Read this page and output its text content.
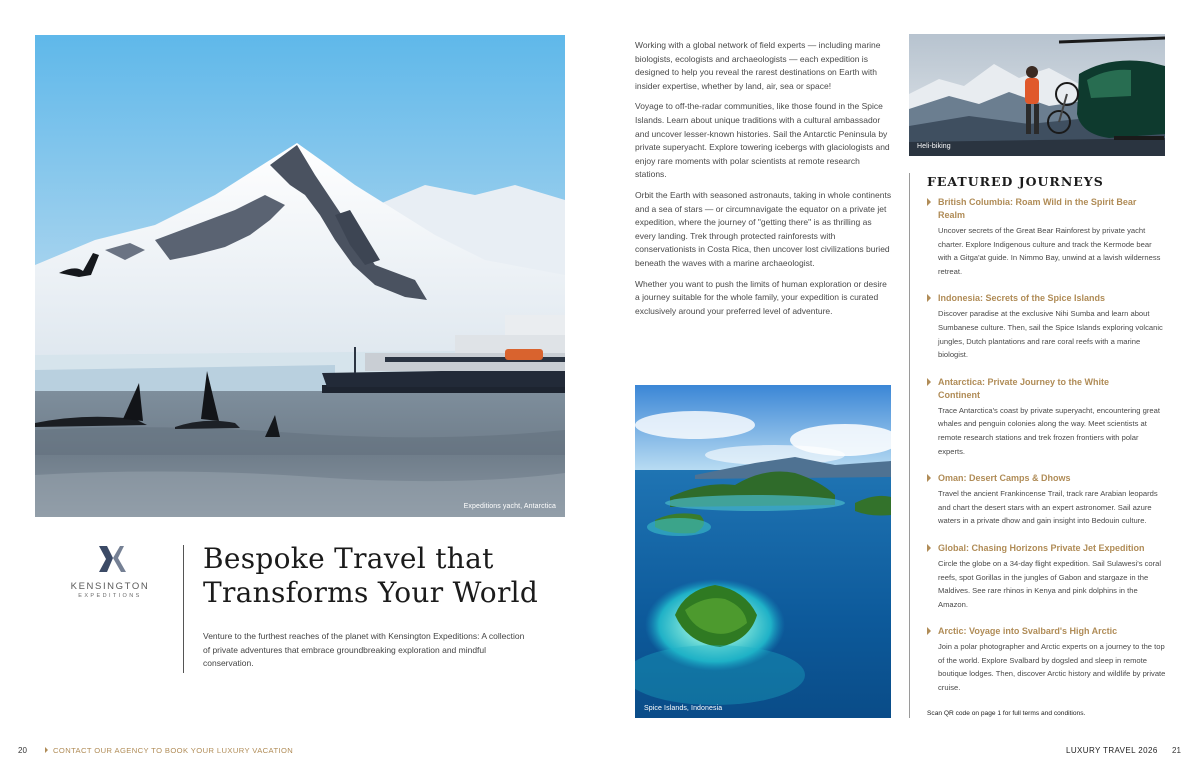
Expeditions yacht, Antarctica
KENSINGTON
EXPEDITIONS
Bespoke Travel that
Transforms Your World
Venture to the furthest reaches of the planet with Kensington Expeditions: A collection of private adventures that embrace groundbreaking exploration and mindful conservation.

Working with a global network of field experts — including marine biologists, ecologists and archaeologists — each expedition is designed to help you reveal the rarest destinations on Earth with insider expertise, whether by land, air, sea or space!

Voyage to off-the-radar communities, like those found in the Spice Islands. Learn about unique traditions with a cultural ambassador and uncover lesser-known histories. Sail the Antarctic Peninsula by private superyacht. Explore towering icebergs with glaciologists and enjoy rare moments with polar scientists at remote research stations.

Orbit the Earth with seasoned astronauts, taking in whole continents and a sea of stars — or circumnavigate the equator on a private jet expedition, where the journey of "getting there" is as thrilling as every landing. Trek through protected rainforests with conservationists in Costa Rica, then uncover lost civilizations buried beneath the waves with a marine archaeologist.

Whether you want to push the limits of human exploration or desire a journey suitable for the whole family, your expedition is curated exclusively around your preferred level of adventure.

Spice Islands, Indonesia
Heli-biking
FEATURED JOURNEYS
British Columbia: Roam Wild in the Spirit Bear Realm
Uncover secrets of the Great Bear Rainforest by private yacht charter. Explore Indigenous culture and track the Kermode bear with a Gitga'at guide. In Nimmo Bay, unwind at a lavish wilderness retreat.
Indonesia: Secrets of the Spice Islands
Discover paradise at the exclusive Nihi Sumba and learn about Sumbanese culture. Then, sail the Spice Islands exploring volcanic jungles, Dutch plantations and rare coral reefs with a marine biologist.
Antarctica: Private Journey to the White Continent
Trace Antarctica's coast by private superyacht, encountering great whales and penguin colonies along the way. Meet scientists at remote research stations and trek frozen frontiers with polar experts.
Oman: Desert Camps & Dhows
Travel the ancient Frankincense Trail, track rare Arabian leopards and chart the desert stars with an expert astronomer. Sail azure waters in a private dhow and gain insight into Bedouin culture.
Global: Chasing Horizons Private Jet Expedition
Circle the globe on a 34-day flight expedition. Sail Sulawesi's coral reefs, spot Gorillas in the jungles of Gabon and stargaze in the Maldives. See rare rhinos in Kenya and pink dolphins in the Amazon.
Arctic: Voyage into Svalbard's High Arctic
Join a polar photographer and Arctic experts on a journey to the top of the world. Explore Svalbard by dogsled and sleep in remote boutique lodges. Then, discover Arctic history and wildlife by private cruise.
Scan QR code on page 1 for full terms and conditions.
20	CONTACT OUR AGENCY TO BOOK YOUR LUXURY VACATION	LUXURY TRAVEL 2026 21
